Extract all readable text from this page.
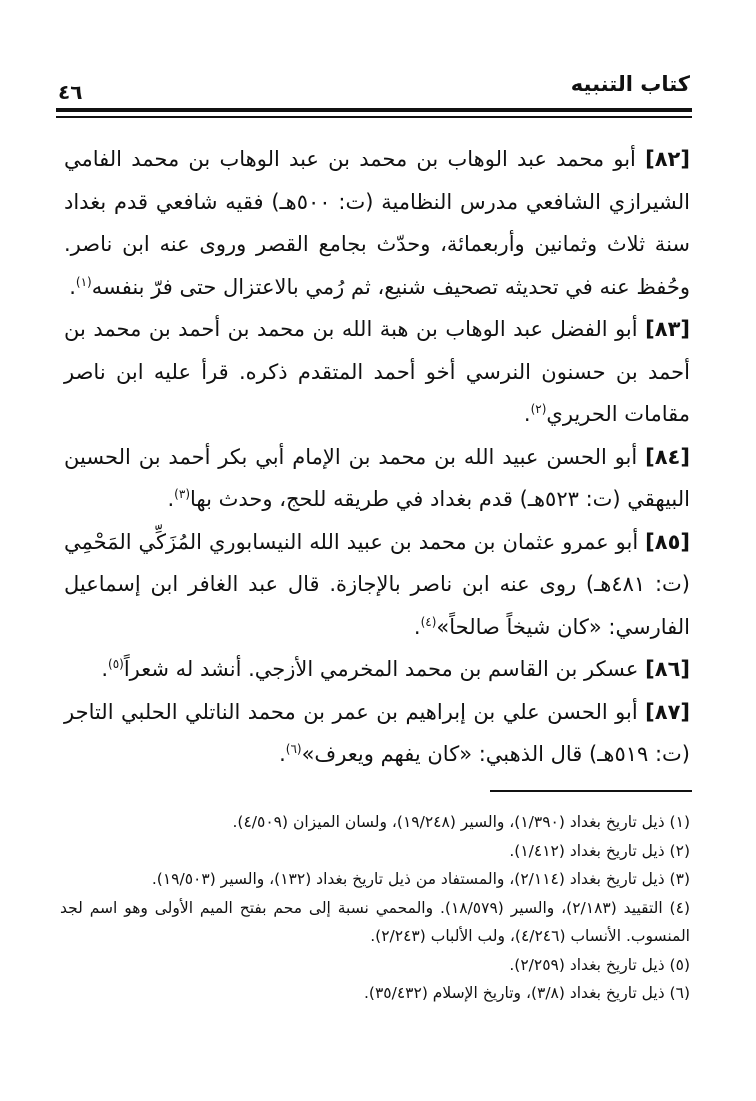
كتاب التنبيه
٤٦

[٨٢] أبو محمد عبد الوهاب بن محمد بن عبد الوهاب بن محمد الفامي الشيرازي الشافعي مدرس النظامية (ت: ٥٠٠هـ) فقيه شافعي قدم بغداد سنة ثلاث وثمانين وأربعمائة، وحدّث بجامع القصر وروى عنه ابن ناصر. وحُفظ عنه في تحديثه تصحيف شنيع، ثم رُمي بالاعتزال حتى فرّ بنفسه$^{(١)}$.

[٨٣] أبو الفضل عبد الوهاب بن هبة الله بن محمد بن أحمد بن محمد بن أحمد بن حسنون النرسي أخو أحمد المتقدم ذكره. قرأ عليه ابن ناصر مقامات الحريري$^{(٢)}$.

[٨٤] أبو الحسن عبيد الله بن محمد بن الإمام أبي بكر أحمد بن الحسين البيهقي (ت: ٥٢٣هـ) قدم بغداد في طريقه للحج، وحدث بها$^{(٣)}$.

[٨٥] أبو عمرو عثمان بن محمد بن عبيد الله النيسابوري المُزَكِّي المَحْمِي (ت: ٤٨١هـ) روى عنه ابن ناصر بالإجازة. قال عبد الغافر ابن إسماعيل الفارسي: «كان شيخاً صالحاً»$^{(٤)}$.

[٨٦] عسكر بن القاسم بن محمد المخرمي الأزجي. أنشد له شعراً$^{(٥)}$.

[٨٧] أبو الحسن علي بن إبراهيم بن عمر بن محمد الناتلي الحلبي التاجر (ت: ٥١٩هـ) قال الذهبي: «كان يفهم ويعرف»$^{(٦)}$.

(١) ذيل تاريخ بغداد (١/٣٩٠)، والسير (١٩/٢٤٨)، ولسان الميزان (٤/٥٠٩).

(٢) ذيل تاريخ بغداد (١/٤١٢).

(٣) ذيل تاريخ بغداد (٢/١١٤)، والمستفاد من ذيل تاريخ بغداد (١٣٢)، والسير (١٩/٥٠٣).

(٤) التقييد (٢/١٨٣)، والسير (١٨/٥٧٩). والمحمي نسبة إلى محم بفتح الميم الأولى وهو اسم لجد المنسوب. الأنساب (٤/٢٤٦)، ولب الألباب (٢/٢٤٣).

(٥) ذيل تاريخ بغداد (٢/٢٥٩).

(٦) ذيل تاريخ بغداد (٣/٨)، وتاريخ الإسلام (٣٥/٤٣٢).
